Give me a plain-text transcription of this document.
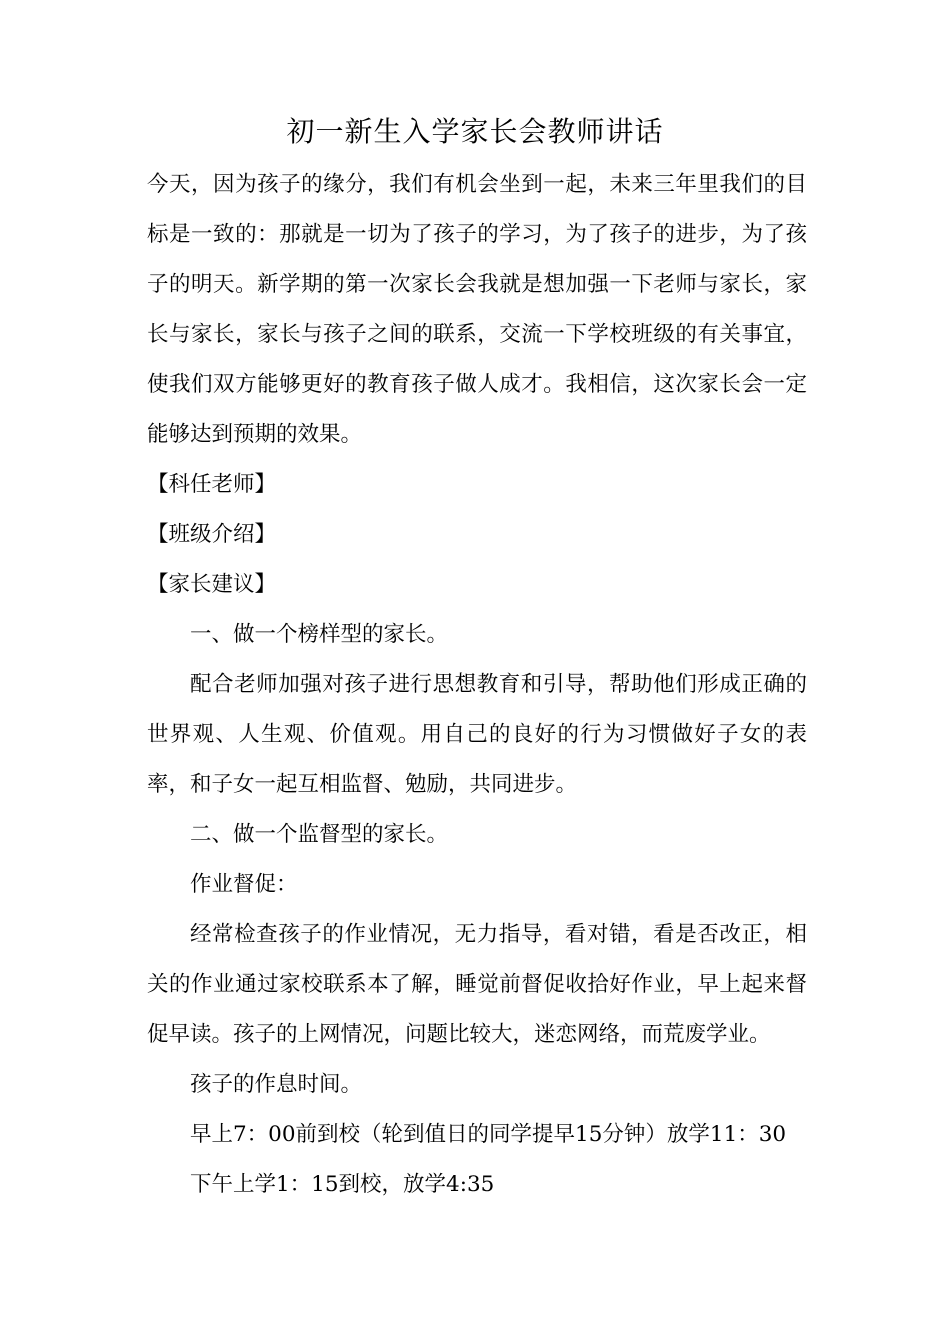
初一新生入学家长会教师讲话

今天，因为孩子的缘分，我们有机会坐到一起，未来三年里我们的目标是一致的：那就是一切为了孩子的学习，为了孩子的进步，为了孩子的明天。新学期的第一次家长会我就是想加强一下老师与家长，家长与家长，家长与孩子之间的联系，交流一下学校班级的有关事宜，使我们双方能够更好的教育孩子做人成才。我相信，这次家长会一定能够达到预期的效果。

【科任老师】

【班级介绍】

【家长建议】

一、做一个榜样型的家长。

配合老师加强对孩子进行思想教育和引导，帮助他们形成正确的世界观、人生观、价值观。用自己的良好的行为习惯做好子女的表率，和子女一起互相监督、勉励，共同进步。

二、做一个监督型的家长。

作业督促：

经常检查孩子的作业情况，无力指导，看对错，看是否改正，相关的作业通过家校联系本了解，睡觉前督促收拾好作业，早上起来督促早读。孩子的上网情况，问题比较大，迷恋网络，而荒废学业。

孩子的作息时间。

早上7：00前到校（轮到值日的同学提早15分钟）放学11：30

下午上学1：15到校，放学4:35
